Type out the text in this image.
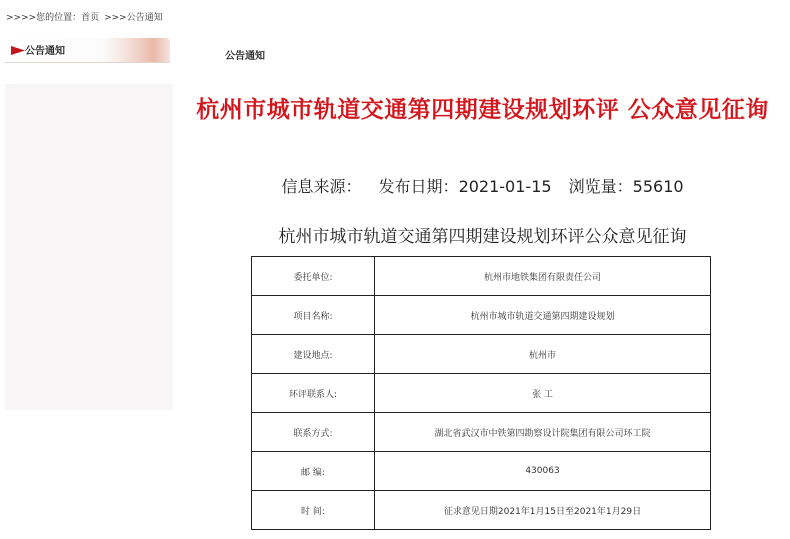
>>>>您的位置：首页 >>>公告通知
公告通知	公告通知
杭州市城市轨道交通第四期建设规划环评 公众意见征询
信息来源： 发布日期：2021-01-15 浏览量：55610
杭州市城市轨道交通第四期建设规划环评公众意见征询
委托单位:	杭州市地铁集团有限责任公司
项目名称:	杭州市城市轨道交通第四期建设规划
建设地点:	杭州市
环评联系人:	张 工
联系方式:	湖北省武汉市中铁第四勘察设计院集团有限公司环工院
邮 编:	430063
时 间:	征求意见日期2021年1月15日至2021年1月29日
